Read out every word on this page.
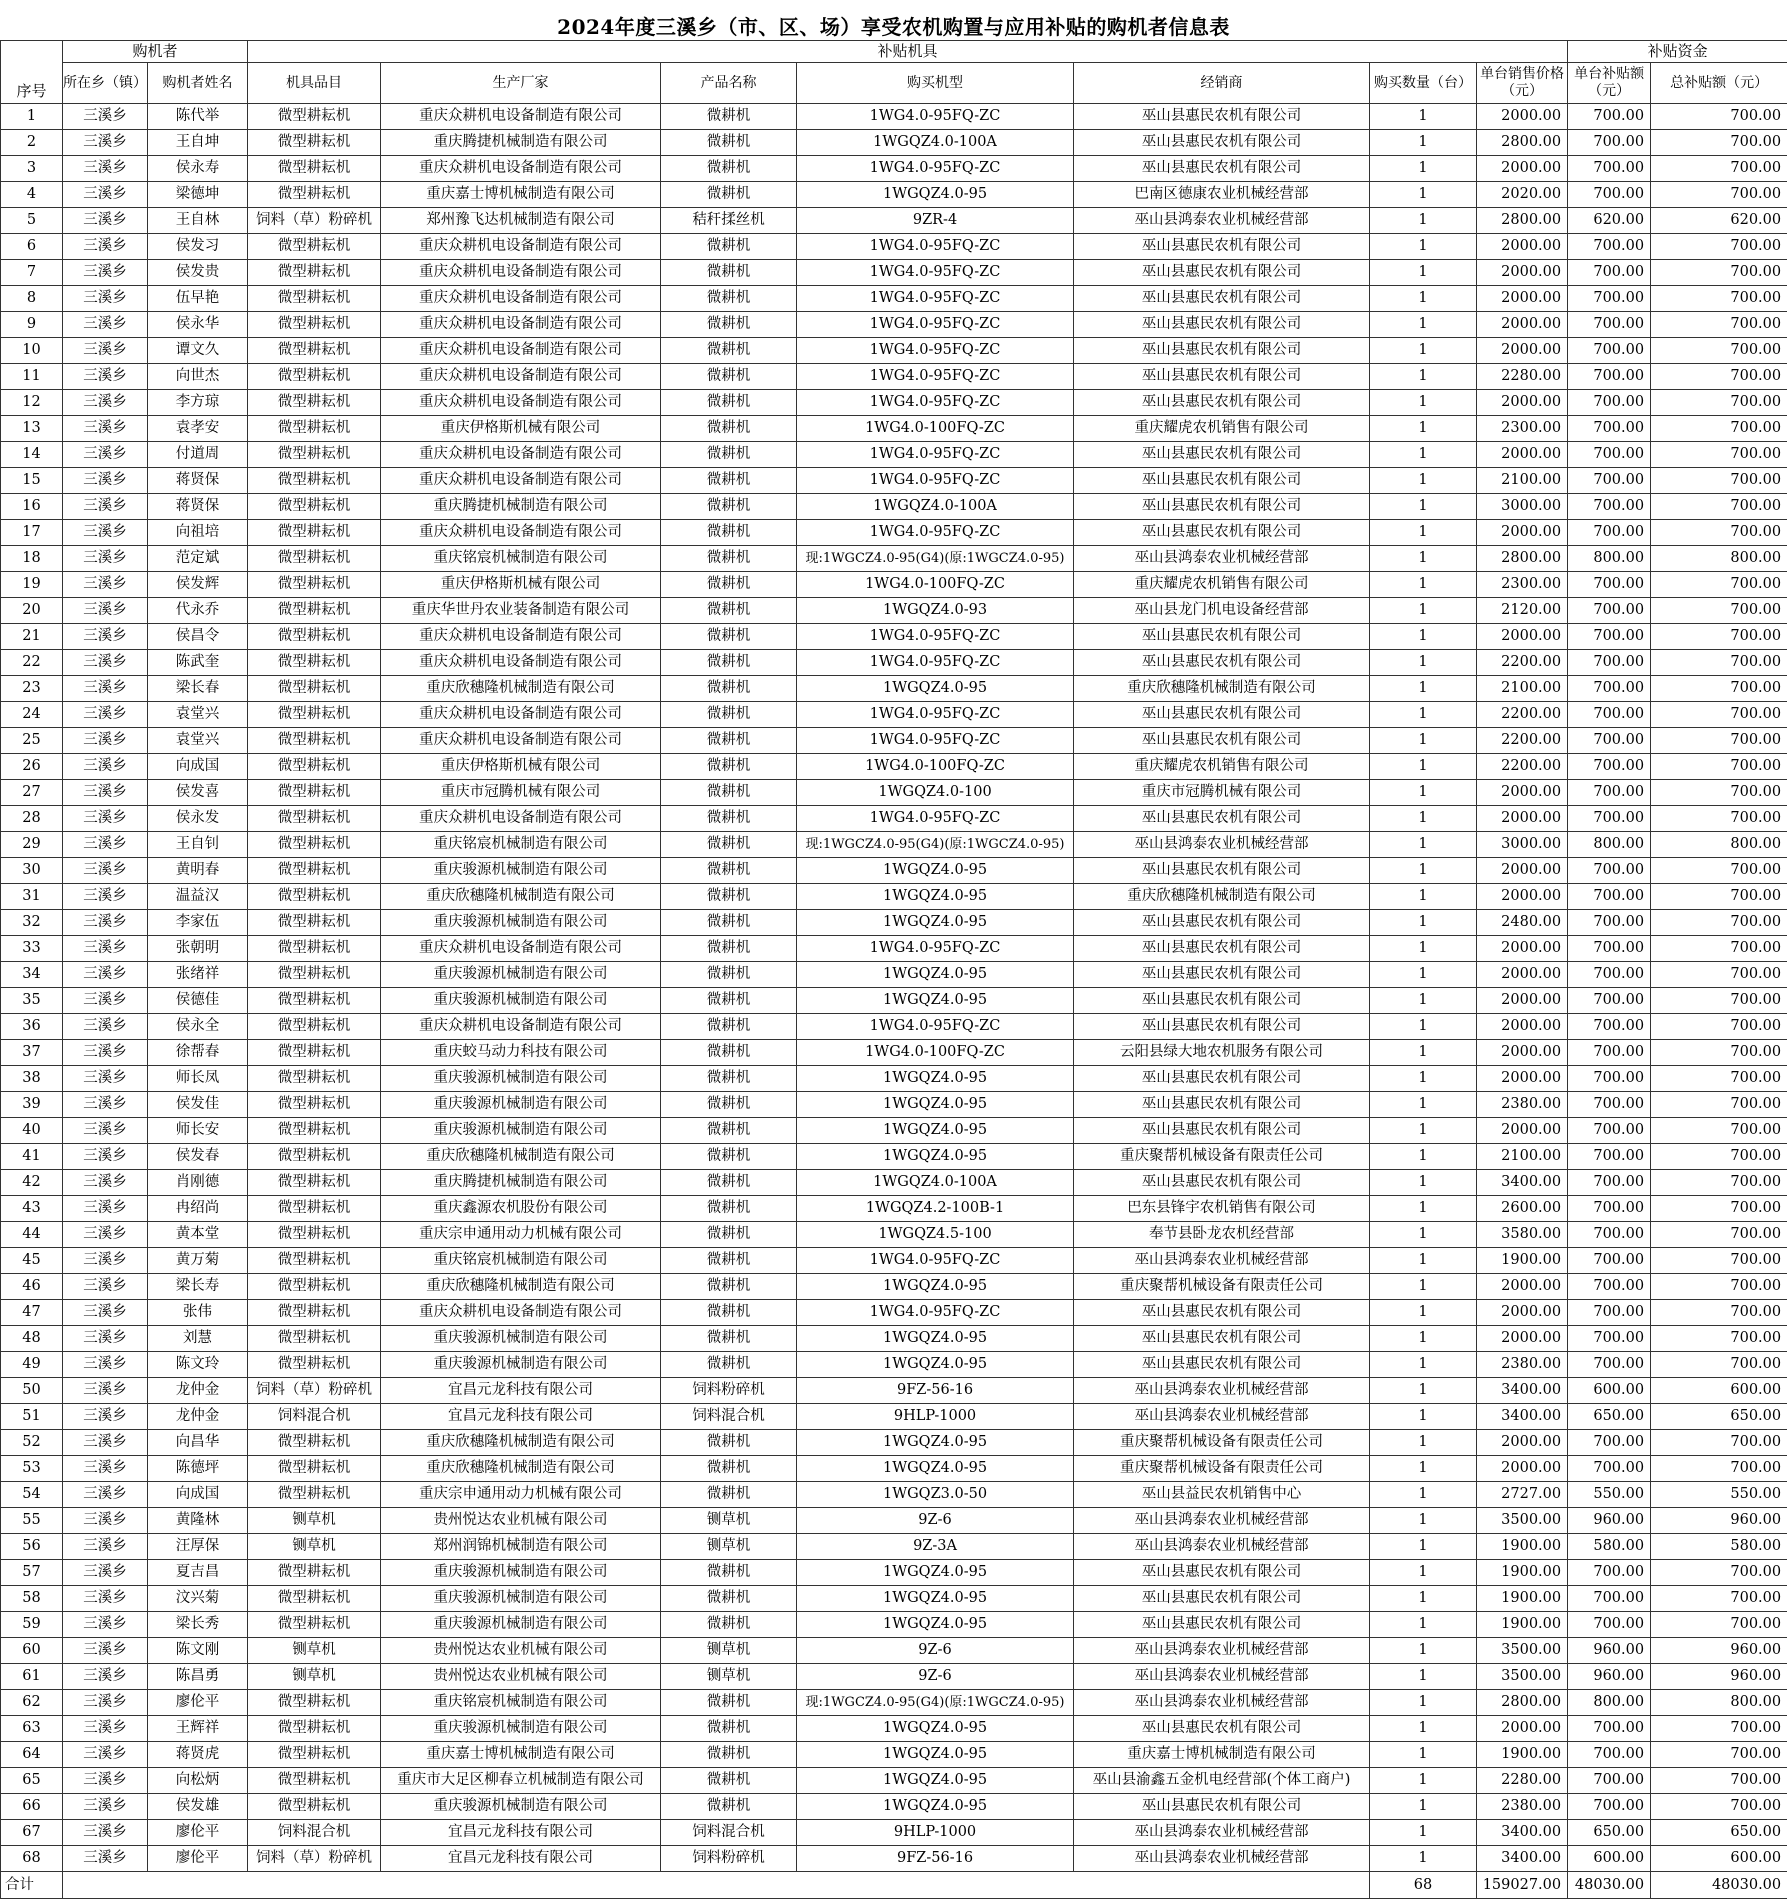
2024年度三溪乡（市、区、场）享受农机购置与应用补贴的购机者信息表
序号	购机者		补贴机具							补贴资金	
	所在乡（镇）	购机者姓名	机具品目	生产厂家	产品名称	购买机型	经销商	购买数量（台）	单台销售价格（元）	单台补贴额（元）	总补贴额（元）
1	三溪乡	陈代举	微型耕耘机	重庆众耕机电设备制造有限公司	微耕机	1WG4.0-95FQ-ZC	巫山县惠民农机有限公司	1	2000.00	700.00	700.00
2	三溪乡	王自坤	微型耕耘机	重庆腾捷机械制造有限公司	微耕机	1WGQZ4.0-100A	巫山县惠民农机有限公司	1	2800.00	700.00	700.00
3	三溪乡	侯永寿	微型耕耘机	重庆众耕机电设备制造有限公司	微耕机	1WG4.0-95FQ-ZC	巫山县惠民农机有限公司	1	2000.00	700.00	700.00
4	三溪乡	梁德坤	微型耕耘机	重庆嘉士博机械制造有限公司	微耕机	1WGQZ4.0-95	巴南区德康农业机械经营部	1	2020.00	700.00	700.00
5	三溪乡	王自林	饲料（草）粉碎机	郑州豫飞达机械制造有限公司	秸秆揉丝机	9ZR-4	巫山县鸿泰农业机械经营部	1	2800.00	620.00	620.00
6	三溪乡	侯发习	微型耕耘机	重庆众耕机电设备制造有限公司	微耕机	1WG4.0-95FQ-ZC	巫山县惠民农机有限公司	1	2000.00	700.00	700.00
7	三溪乡	侯发贵	微型耕耘机	重庆众耕机电设备制造有限公司	微耕机	1WG4.0-95FQ-ZC	巫山县惠民农机有限公司	1	2000.00	700.00	700.00
8	三溪乡	伍早艳	微型耕耘机	重庆众耕机电设备制造有限公司	微耕机	1WG4.0-95FQ-ZC	巫山县惠民农机有限公司	1	2000.00	700.00	700.00
9	三溪乡	侯永华	微型耕耘机	重庆众耕机电设备制造有限公司	微耕机	1WG4.0-95FQ-ZC	巫山县惠民农机有限公司	1	2000.00	700.00	700.00
10	三溪乡	谭文久	微型耕耘机	重庆众耕机电设备制造有限公司	微耕机	1WG4.0-95FQ-ZC	巫山县惠民农机有限公司	1	2000.00	700.00	700.00
11	三溪乡	向世杰	微型耕耘机	重庆众耕机电设备制造有限公司	微耕机	1WG4.0-95FQ-ZC	巫山县惠民农机有限公司	1	2280.00	700.00	700.00
12	三溪乡	李方琼	微型耕耘机	重庆众耕机电设备制造有限公司	微耕机	1WG4.0-95FQ-ZC	巫山县惠民农机有限公司	1	2000.00	700.00	700.00
13	三溪乡	袁孝安	微型耕耘机	重庆伊格斯机械有限公司	微耕机	1WG4.0-100FQ-ZC	重庆耀虎农机销售有限公司	1	2300.00	700.00	700.00
14	三溪乡	付道周	微型耕耘机	重庆众耕机电设备制造有限公司	微耕机	1WG4.0-95FQ-ZC	巫山县惠民农机有限公司	1	2000.00	700.00	700.00
15	三溪乡	蒋贤保	微型耕耘机	重庆众耕机电设备制造有限公司	微耕机	1WG4.0-95FQ-ZC	巫山县惠民农机有限公司	1	2100.00	700.00	700.00
16	三溪乡	蒋贤保	微型耕耘机	重庆腾捷机械制造有限公司	微耕机	1WGQZ4.0-100A	巫山县惠民农机有限公司	1	3000.00	700.00	700.00
17	三溪乡	向祖培	微型耕耘机	重庆众耕机电设备制造有限公司	微耕机	1WG4.0-95FQ-ZC	巫山县惠民农机有限公司	1	2000.00	700.00	700.00
18	三溪乡	范定斌	微型耕耘机	重庆铭宸机械制造有限公司	微耕机	现:1WGCZ4.0-95(G4)(原:1WGCZ4.0-95)	巫山县鸿泰农业机械经营部	1	2800.00	800.00	800.00
19	三溪乡	侯发辉	微型耕耘机	重庆伊格斯机械有限公司	微耕机	1WG4.0-100FQ-ZC	重庆耀虎农机销售有限公司	1	2300.00	700.00	700.00
20	三溪乡	代永乔	微型耕耘机	重庆华世丹农业装备制造有限公司	微耕机	1WGQZ4.0-93	巫山县龙门机电设备经营部	1	2120.00	700.00	700.00
21	三溪乡	侯昌令	微型耕耘机	重庆众耕机电设备制造有限公司	微耕机	1WG4.0-95FQ-ZC	巫山县惠民农机有限公司	1	2000.00	700.00	700.00
22	三溪乡	陈武奎	微型耕耘机	重庆众耕机电设备制造有限公司	微耕机	1WG4.0-95FQ-ZC	巫山县惠民农机有限公司	1	2200.00	700.00	700.00
23	三溪乡	梁长春	微型耕耘机	重庆欣穗隆机械制造有限公司	微耕机	1WGQZ4.0-95	重庆欣穗隆机械制造有限公司	1	2100.00	700.00	700.00
24	三溪乡	袁堂兴	微型耕耘机	重庆众耕机电设备制造有限公司	微耕机	1WG4.0-95FQ-ZC	巫山县惠民农机有限公司	1	2200.00	700.00	700.00
25	三溪乡	袁堂兴	微型耕耘机	重庆众耕机电设备制造有限公司	微耕机	1WG4.0-95FQ-ZC	巫山县惠民农机有限公司	1	2200.00	700.00	700.00
26	三溪乡	向成国	微型耕耘机	重庆伊格斯机械有限公司	微耕机	1WG4.0-100FQ-ZC	重庆耀虎农机销售有限公司	1	2200.00	700.00	700.00
27	三溪乡	侯发喜	微型耕耘机	重庆市冠腾机械有限公司	微耕机	1WGQZ4.0-100	重庆市冠腾机械有限公司	1	2000.00	700.00	700.00
28	三溪乡	侯永发	微型耕耘机	重庆众耕机电设备制造有限公司	微耕机	1WG4.0-95FQ-ZC	巫山县惠民农机有限公司	1	2000.00	700.00	700.00
29	三溪乡	王自钊	微型耕耘机	重庆铭宸机械制造有限公司	微耕机	现:1WGCZ4.0-95(G4)(原:1WGCZ4.0-95)	巫山县鸿泰农业机械经营部	1	3000.00	800.00	800.00
30	三溪乡	黄明春	微型耕耘机	重庆骏源机械制造有限公司	微耕机	1WGQZ4.0-95	巫山县惠民农机有限公司	1	2000.00	700.00	700.00
31	三溪乡	温益汉	微型耕耘机	重庆欣穗隆机械制造有限公司	微耕机	1WGQZ4.0-95	重庆欣穗隆机械制造有限公司	1	2000.00	700.00	700.00
32	三溪乡	李家伍	微型耕耘机	重庆骏源机械制造有限公司	微耕机	1WGQZ4.0-95	巫山县惠民农机有限公司	1	2480.00	700.00	700.00
33	三溪乡	张朝明	微型耕耘机	重庆众耕机电设备制造有限公司	微耕机	1WG4.0-95FQ-ZC	巫山县惠民农机有限公司	1	2000.00	700.00	700.00
34	三溪乡	张绪祥	微型耕耘机	重庆骏源机械制造有限公司	微耕机	1WGQZ4.0-95	巫山县惠民农机有限公司	1	2000.00	700.00	700.00
35	三溪乡	侯德佳	微型耕耘机	重庆骏源机械制造有限公司	微耕机	1WGQZ4.0-95	巫山县惠民农机有限公司	1	2000.00	700.00	700.00
36	三溪乡	侯永全	微型耕耘机	重庆众耕机电设备制造有限公司	微耕机	1WG4.0-95FQ-ZC	巫山县惠民农机有限公司	1	2000.00	700.00	700.00
37	三溪乡	徐帮春	微型耕耘机	重庆蛟马动力科技有限公司	微耕机	1WG4.0-100FQ-ZC	云阳县绿大地农机服务有限公司	1	2000.00	700.00	700.00
38	三溪乡	师长凤	微型耕耘机	重庆骏源机械制造有限公司	微耕机	1WGQZ4.0-95	巫山县惠民农机有限公司	1	2000.00	700.00	700.00
39	三溪乡	侯发佳	微型耕耘机	重庆骏源机械制造有限公司	微耕机	1WGQZ4.0-95	巫山县惠民农机有限公司	1	2380.00	700.00	700.00
40	三溪乡	师长安	微型耕耘机	重庆骏源机械制造有限公司	微耕机	1WGQZ4.0-95	巫山县惠民农机有限公司	1	2000.00	700.00	700.00
41	三溪乡	侯发春	微型耕耘机	重庆欣穗隆机械制造有限公司	微耕机	1WGQZ4.0-95	重庆聚帮机械设备有限责任公司	1	2100.00	700.00	700.00
42	三溪乡	肖刚德	微型耕耘机	重庆腾捷机械制造有限公司	微耕机	1WGQZ4.0-100A	巫山县惠民农机有限公司	1	3400.00	700.00	700.00
43	三溪乡	冉绍尚	微型耕耘机	重庆鑫源农机股份有限公司	微耕机	1WGQZ4.2-100B-1	巴东县锋宇农机销售有限公司	1	2600.00	700.00	700.00
44	三溪乡	黄本堂	微型耕耘机	重庆宗申通用动力机械有限公司	微耕机	1WGQZ4.5-100	奉节县卧龙农机经营部	1	3580.00	700.00	700.00
45	三溪乡	黄万菊	微型耕耘机	重庆铭宸机械制造有限公司	微耕机	1WG4.0-95FQ-ZC	巫山县鸿泰农业机械经营部	1	1900.00	700.00	700.00
46	三溪乡	梁长寿	微型耕耘机	重庆欣穗隆机械制造有限公司	微耕机	1WGQZ4.0-95	重庆聚帮机械设备有限责任公司	1	2000.00	700.00	700.00
47	三溪乡	张伟	微型耕耘机	重庆众耕机电设备制造有限公司	微耕机	1WG4.0-95FQ-ZC	巫山县惠民农机有限公司	1	2000.00	700.00	700.00
48	三溪乡	刘慧	微型耕耘机	重庆骏源机械制造有限公司	微耕机	1WGQZ4.0-95	巫山县惠民农机有限公司	1	2000.00	700.00	700.00
49	三溪乡	陈文玲	微型耕耘机	重庆骏源机械制造有限公司	微耕机	1WGQZ4.0-95	巫山县惠民农机有限公司	1	2380.00	700.00	700.00
50	三溪乡	龙仲金	饲料（草）粉碎机	宜昌元龙科技有限公司	饲料粉碎机	9FZ-56-16	巫山县鸿泰农业机械经营部	1	3400.00	600.00	600.00
51	三溪乡	龙仲金	饲料混合机	宜昌元龙科技有限公司	饲料混合机	9HLP-1000	巫山县鸿泰农业机械经营部	1	3400.00	650.00	650.00
52	三溪乡	向昌华	微型耕耘机	重庆欣穗隆机械制造有限公司	微耕机	1WGQZ4.0-95	重庆聚帮机械设备有限责任公司	1	2000.00	700.00	700.00
53	三溪乡	陈德坪	微型耕耘机	重庆欣穗隆机械制造有限公司	微耕机	1WGQZ4.0-95	重庆聚帮机械设备有限责任公司	1	2000.00	700.00	700.00
54	三溪乡	向成国	微型耕耘机	重庆宗申通用动力机械有限公司	微耕机	1WGQZ3.0-50	巫山县益民农机销售中心	1	2727.00	550.00	550.00
55	三溪乡	黄隆林	铡草机	贵州悦达农业机械有限公司	铡草机	9Z-6	巫山县鸿泰农业机械经营部	1	3500.00	960.00	960.00
56	三溪乡	汪厚保	铡草机	郑州润锦机械制造有限公司	铡草机	9Z-3A	巫山县鸿泰农业机械经营部	1	1900.00	580.00	580.00
57	三溪乡	夏吉昌	微型耕耘机	重庆骏源机械制造有限公司	微耕机	1WGQZ4.0-95	巫山县惠民农机有限公司	1	1900.00	700.00	700.00
58	三溪乡	汶兴菊	微型耕耘机	重庆骏源机械制造有限公司	微耕机	1WGQZ4.0-95	巫山县惠民农机有限公司	1	1900.00	700.00	700.00
59	三溪乡	梁长秀	微型耕耘机	重庆骏源机械制造有限公司	微耕机	1WGQZ4.0-95	巫山县惠民农机有限公司	1	1900.00	700.00	700.00
60	三溪乡	陈文刚	铡草机	贵州悦达农业机械有限公司	铡草机	9Z-6	巫山县鸿泰农业机械经营部	1	3500.00	960.00	960.00
61	三溪乡	陈昌勇	铡草机	贵州悦达农业机械有限公司	铡草机	9Z-6	巫山县鸿泰农业机械经营部	1	3500.00	960.00	960.00
62	三溪乡	廖伦平	微型耕耘机	重庆铭宸机械制造有限公司	微耕机	现:1WGCZ4.0-95(G4)(原:1WGCZ4.0-95)	巫山县鸿泰农业机械经营部	1	2800.00	800.00	800.00
63	三溪乡	王辉祥	微型耕耘机	重庆骏源机械制造有限公司	微耕机	1WGQZ4.0-95	巫山县惠民农机有限公司	1	2000.00	700.00	700.00
64	三溪乡	蒋贤虎	微型耕耘机	重庆嘉士博机械制造有限公司	微耕机	1WGQZ4.0-95	重庆嘉士博机械制造有限公司	1	1900.00	700.00	700.00
65	三溪乡	向松炳	微型耕耘机	重庆市大足区柳春立机械制造有限公司	微耕机	1WGQZ4.0-95	巫山县渝鑫五金机电经营部(个体工商户)	1	2280.00	700.00	700.00
66	三溪乡	侯发雄	微型耕耘机	重庆骏源机械制造有限公司	微耕机	1WGQZ4.0-95	巫山县惠民农机有限公司	1	2380.00	700.00	700.00
67	三溪乡	廖伦平	饲料混合机	宜昌元龙科技有限公司	饲料混合机	9HLP-1000	巫山县鸿泰农业机械经营部	1	3400.00	650.00	650.00
68	三溪乡	廖伦平	饲料（草）粉碎机	宜昌元龙科技有限公司	饲料粉碎机	9FZ-56-16	巫山县鸿泰农业机械经营部	1	3400.00	600.00	600.00
合计								68	159027.00	48030.00	48030.00
